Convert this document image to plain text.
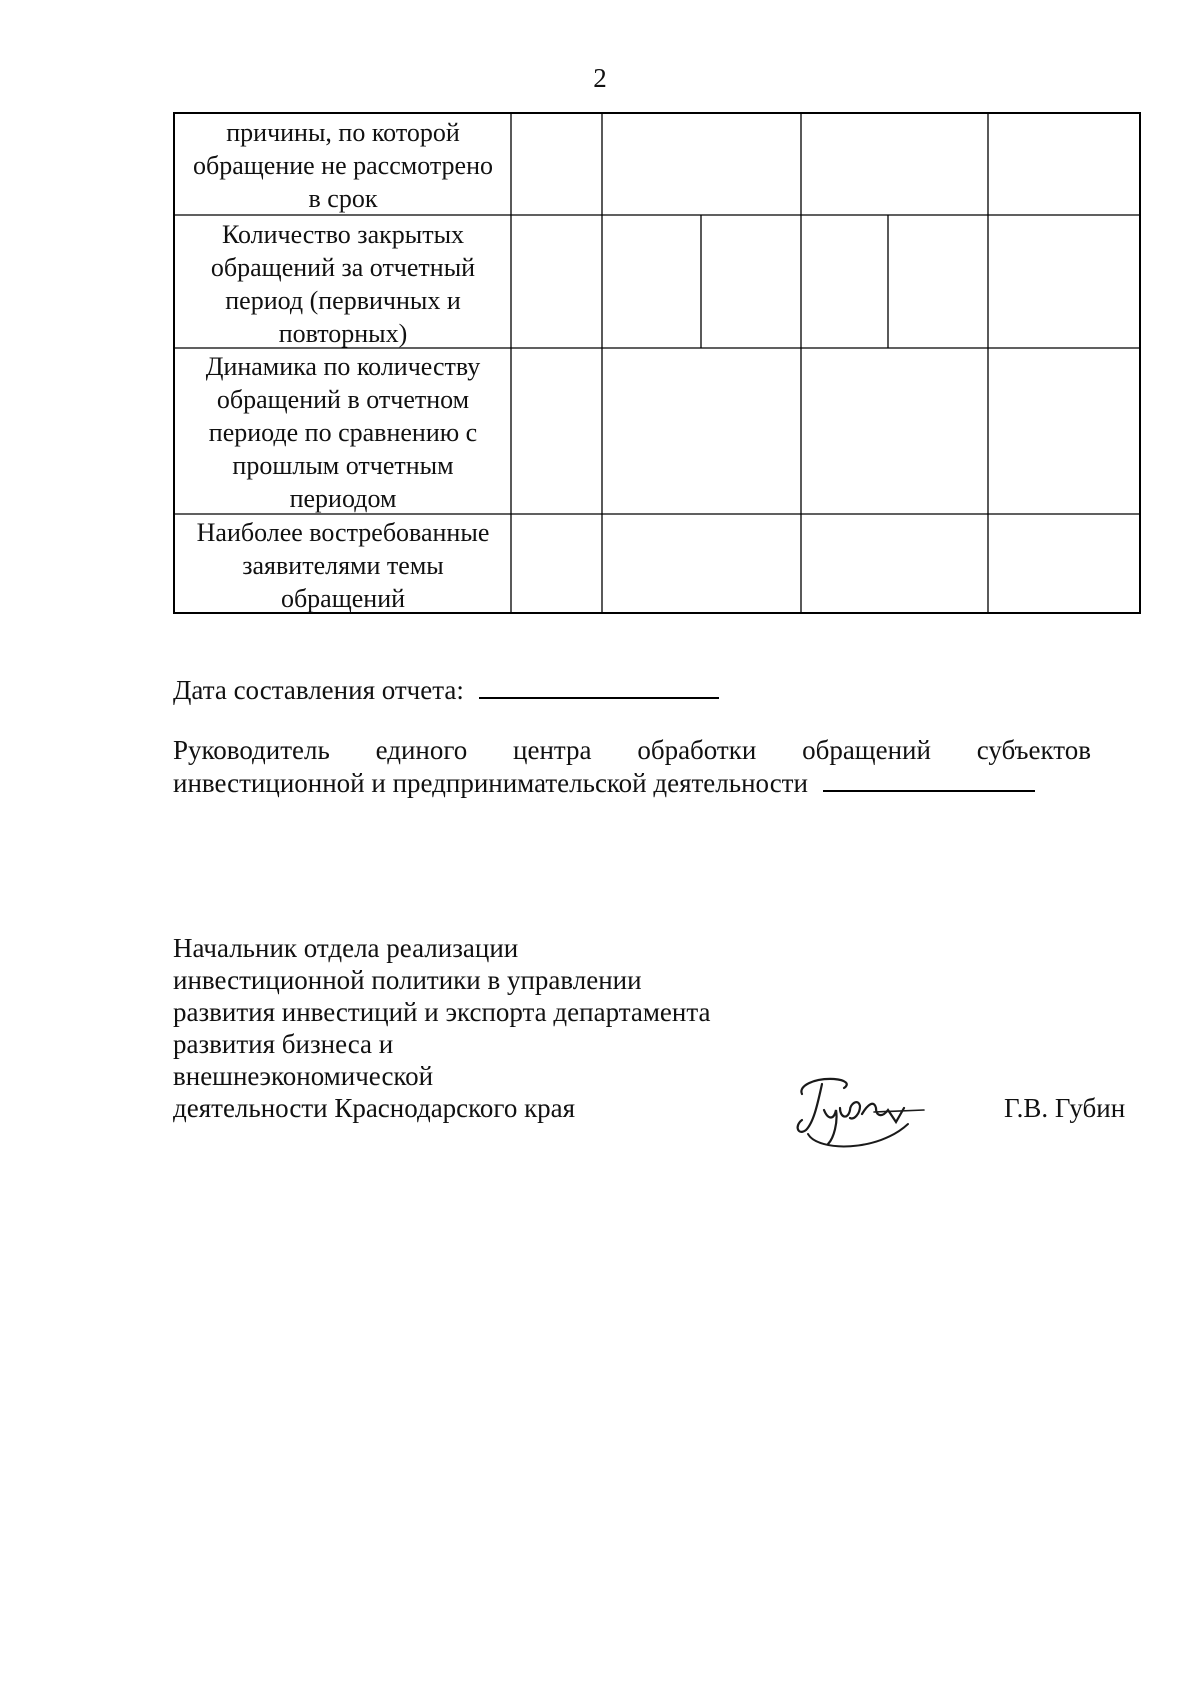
2
причины, по которой
обращение не рассмотрено
в срок
Количество закрытых
обращений за отчетный
период (первичных и
повторных)
Динамика по количеству
обращений в отчетном
периоде по сравнению с
прошлым отчетным
периодом
Наиболее востребованные
заявителями темы
обращений
Дата составления отчета:
Руководитель единого центра обработки обращений субъектов
инвестиционной и предпринимательской деятельности
Начальник отдела реализации
инвестиционной политики в управлении
развития инвестиций и экспорта департамента
развития бизнеса и
внешнеэкономической
деятельности Краснодарского края	Г.В. Губин
